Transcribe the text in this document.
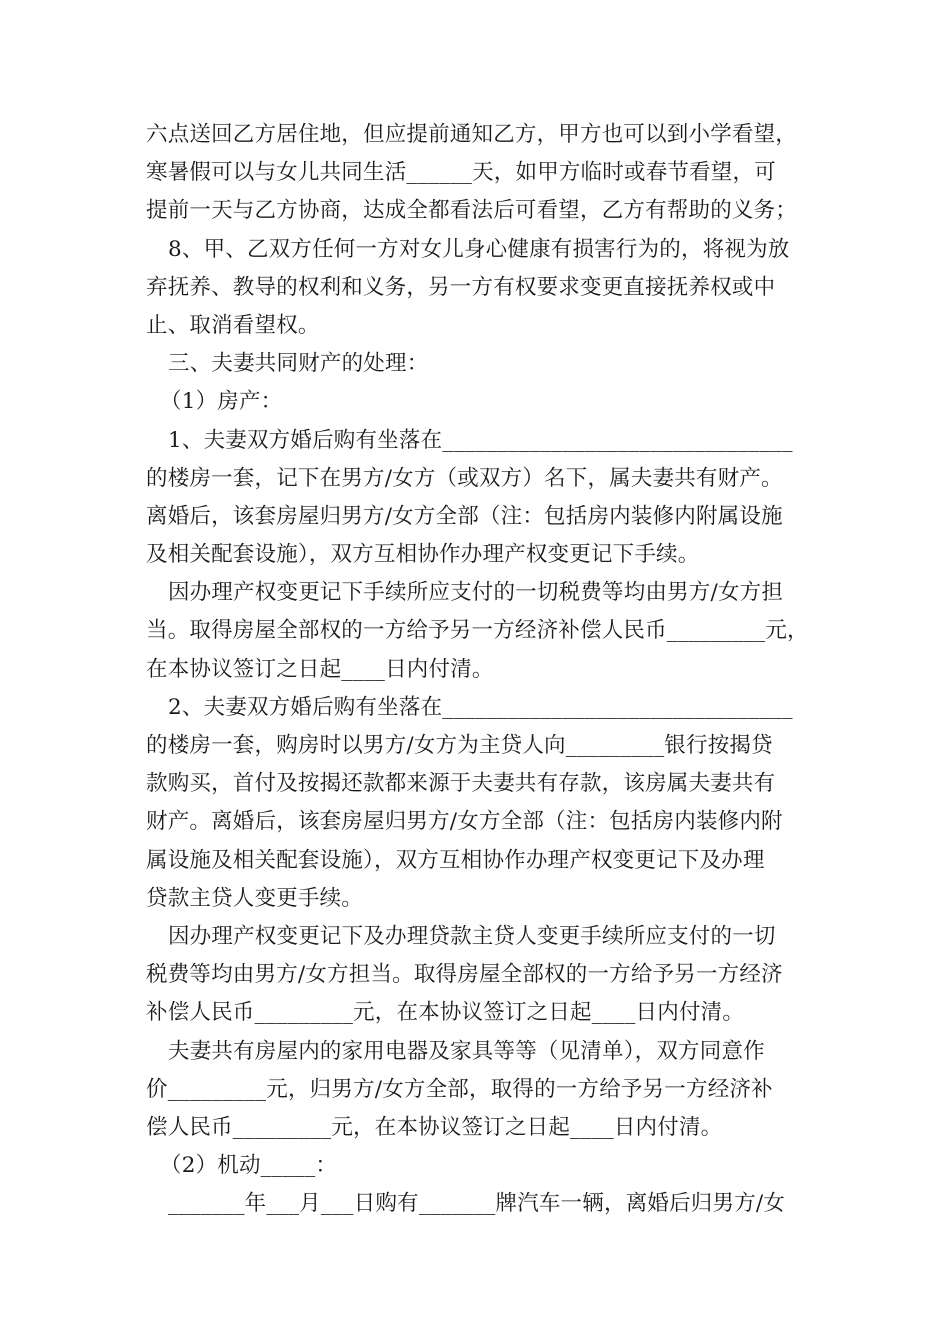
六点送回乙方居住地，但应提前通知乙方，甲方也可以到小学看望，
寒暑假可以与女儿共同生活______天，如甲方临时或春节看望，可
提前一天与乙方协商，达成全都看法后可看望，乙方有帮助的义务；
8、甲、乙双方任何一方对女儿身心健康有损害行为的，将视为放
弃抚养、教导的权利和义务，另一方有权要求变更直接抚养权或中
止、取消看望权。
三、夫妻共同财产的处理：
（1）房产：
1、夫妻双方婚后购有坐落在________________________________
的楼房一套，记下在男方/女方（或双方）名下，属夫妻共有财产。
离婚后，该套房屋归男方/女方全部（注：包括房内装修内附属设施
及相关配套设施），双方互相协作办理产权变更记下手续。
因办理产权变更记下手续所应支付的一切税费等均由男方/女方担
当。取得房屋全部权的一方给予另一方经济补偿人民币_________元，
在本协议签订之日起____日内付清。
2、夫妻双方婚后购有坐落在________________________________
的楼房一套，购房时以男方/女方为主贷人向_________银行按揭贷
款购买，首付及按揭还款都来源于夫妻共有存款，该房属夫妻共有
财产。离婚后，该套房屋归男方/女方全部（注：包括房内装修内附
属设施及相关配套设施），双方互相协作办理产权变更记下及办理
贷款主贷人变更手续。
因办理产权变更记下及办理贷款主贷人变更手续所应支付的一切
税费等均由男方/女方担当。取得房屋全部权的一方给予另一方经济
补偿人民币_________元，在本协议签订之日起____日内付清。
夫妻共有房屋内的家用电器及家具等等（见清单），双方同意作
价_________元，归男方/女方全部，取得的一方给予另一方经济补
偿人民币_________元，在本协议签订之日起____日内付清。
（2）机动_____：
_______年___月___日购有_______牌汽车一辆，离婚后归男方/女
